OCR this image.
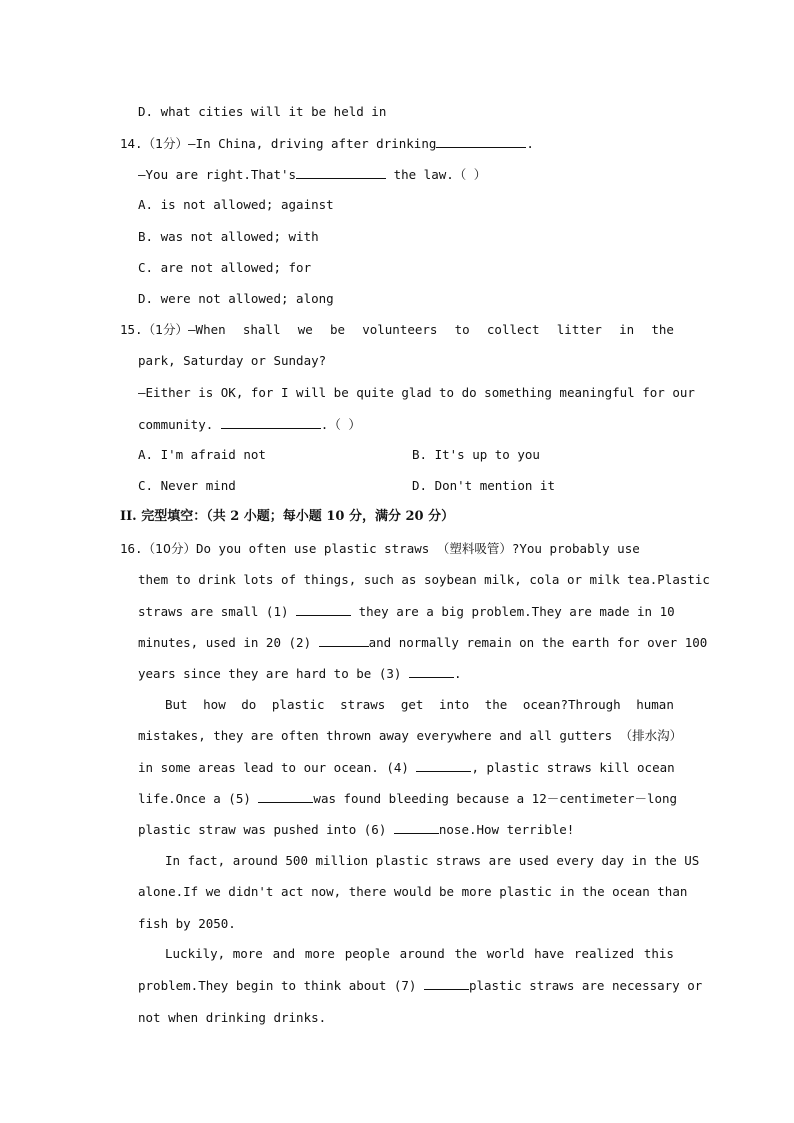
D. what cities will it be held in
14.（1分）—In China, driving after drinking	.
—You are right.That's	the law.（ ）
A. is not allowed; against
B. was not allowed; with
C. are not allowed; for
D. were not allowed; along
15. （1分） —When shall we be volunteers to collect litter in the
park, Saturday or Sunday?
—Either is OK, for I will be quite glad to do something meaningful for our
community.	.（ ）
A. I'm afraid not	B. It's up to you
C. Never mind	D. Don't mention it
II. 完型填空：（共 2 小题；每小题 10 分，满分 20 分）
16.（10分）Do you often use plastic straws （塑料吸管）?You probably use
them to drink lots of things, such as soybean milk, cola or milk tea.Plastic
straws are small (1)	they are a big problem.They are made in 10
minutes, used in 20 (2)	and normally remain on the earth for over 100
years since they are hard to be (3)	.
But how do plastic straws get into the ocean?Through human
mistakes, they are often thrown away everywhere and all gutters （排水沟）
in some areas lead to our ocean. (4)	, plastic straws kill ocean
life.Once a (5)	was found bleeding because a 12－centimeter－long
plastic straw was pushed into (6)	nose.How terrible!
In fact, around 500 million plastic straws are used every day in the US
alone.If we didn't act now, there would be more plastic in the ocean than
fish by 2050.
Luckily, more and more people around the world have realized this
problem.They begin to think about (7)	plastic straws are necessary or
not when drinking drinks.
